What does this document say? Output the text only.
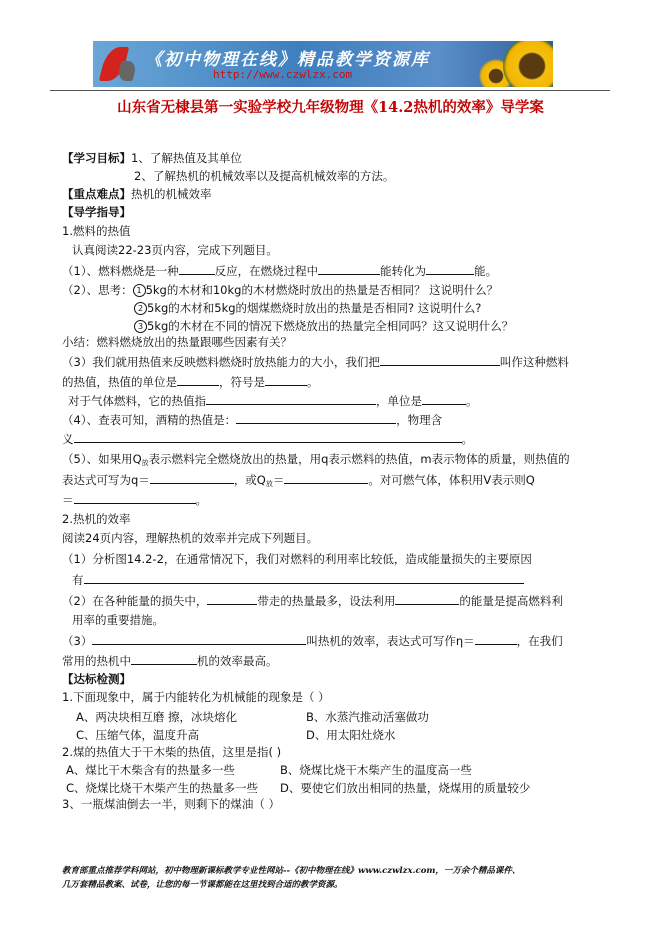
《初中物理在线》精品教学资源库
http://www.czwlzx.com
山东省无棣县第一实验学校九年级物理《14.2热机的效率》导学案
【学习目标】1、了解热值及其单位
2、了解热机的机械效率以及提高机械效率的方法。
【重点难点】热机的机械效率
【导学指导】
1.燃料的热值
认真阅读22-23页内容，完成下列题目。
（1）、燃料燃烧是一种	反应，在燃烧过程中	能转化为	能。
（2）、思考： 1 5kg的木材和10kg的木材燃烧时放出的热量是否相同？ 这说明什么？
2 5kg的木材和5kg的烟煤燃烧时放出的热量是否相同? 这说明什么?
3 5kg的木材在不同的情况下燃烧放出的热量完全相同吗？这又说明什么？
小结：燃料燃烧放出的热量跟哪些因素有关？
（3）我们就用热值来反映燃料燃烧时放热能力的大小，我们把	叫作这种燃料
的热值，热值的单位是	，符号是	。
对于气体燃料，它的热值指	，单位是	。
（4）、查表可知，酒精的热值是：	，物理含
义	。
（5）、如果用$Q_放$表示燃料完全燃烧放出的热量，用q表示燃料的热值，m表示物体的质量，则热值的
表达式可写为q＝	，或$Q_放=$	。对可燃气体，体积用V表示则Q
＝	。
2.热机的效率
阅读24页内容，理解热机的效率并完成下列题目。
（1）分析图14.2-2，在通常情况下，我们对燃料的利用率比较低，造成能量损失的主要原因
有
（2）在各种能量的损失中，	带走的热量最多，设法利用	的能量是提高燃料利
用率的重要措施。
（3）	叫热机的效率，表达式可写作η＝	，在我们
常用的热机中	机的效率最高。
【达标检测】
1.下面现象中，属于内能转化为机械能的现象是（ ）
A、两决块相互磨 擦，冰块熔化	B、水蒸汽推动活塞做功
C、压缩气体，温度升高	D、用太阳灶烧水
2.煤的热值大于干木柴的热值，这里是指( )
A、煤比干木柴含有的热量多一些	B、烧煤比烧干木柴产生的温度高一些
C、烧煤比烧干木柴产生的热量多一些 D、要使它们放出相同的热量，烧煤用的质量较少
3、一瓶煤油倒去一半，则剩下的煤油（ ）
教育部重点推荐学科网站，初中物理新课标教学专业性网站--《初中物理在线》www.czwlzx.com，一万余个精品课件、
几万套精品教案、试卷，让您的每一节课都能在这里找到合适的教学资源。
